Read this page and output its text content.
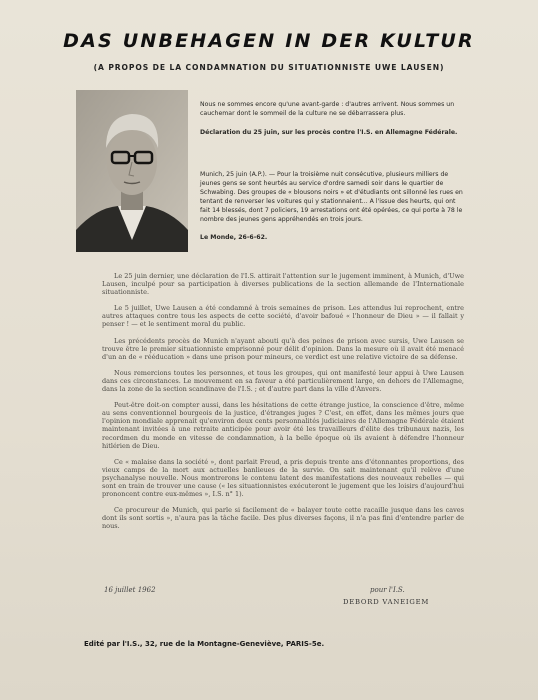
DAS UNBEHAGEN IN DER KULTUR
(A PROPOS DE LA CONDAMNATION DU SITUATIONNISTE UWE LAUSEN)

Nous ne sommes encore qu'une avant-garde : d'autres arrivent. Nous sommes un cauchemar dont le sommeil de la culture ne se débarrassera plus.

Déclaration du 25 juin, sur les procès contre l'I.S. en Allemagne Fédérale.

Munich, 25 juin (A.P.). — Pour la troisième nuit consécutive, plusieurs milliers de jeunes gens se sont heurtés au service d'ordre samedi soir dans le quartier de Schwabing. Des groupes de « blousons noirs » et d'étudiants ont sillonné les rues en tentant de renverser les voitures qui y stationnaient... A l'issue des heurts, qui ont fait 14 blessés, dont 7 policiers, 19 arrestations ont été opérées, ce qui porte à 78 le nombre des jeunes gens appréhendés en trois jours.

Le Monde, 26-6-62.

Le 25 juin dernier, une déclaration de l'I.S. attirait l'attention sur le jugement imminent, à Munich, d'Uwe Lausen, inculpé pour sa participation à diverses publications de la section allemande de l'Internationale situationniste.

Le 5 juillet, Uwe Lausen a été condamné à trois semaines de prison. Les attendus lui reprochent, entre autres attaques contre tous les aspects de cette société, d'avoir bafoué « l'honneur de Dieu » — il fallait y penser ! — et le sentiment moral du public.

Les précédents procès de Munich n'ayant abouti qu'à des peines de prison avec sursis, Uwe Lausen se trouve être le premier situationniste emprisonné pour délit d'opinion. Dans la mesure où il avait été menacé d'un an de « rééducation » dans une prison pour mineurs, ce verdict est une relative victoire de sa défense.

Nous remercions toutes les personnes, et tous les groupes, qui ont manifesté leur appui à Uwe Lausen dans ces circonstances. Le mouvement en sa faveur a été particulièrement large, en dehors de l'Allemagne, dans la zone de la section scandinave de l'I.S. ; et d'autre part dans la ville d'Anvers.

Peut-être doit-on compter aussi, dans les hésitations de cette étrange justice, la conscience d'être, même au sens conventionnel bourgeois de la justice, d'étranges juges ? C'est, en effet, dans les mêmes jours que l'opinion mondiale apprenait qu'environ deux cents personnalités judiciaires de l'Allemagne Fédérale étaient maintenant invitées à une retraite anticipée pour avoir été les travailleurs d'élite des tribunaux nazis, les recordmen du monde en vitesse de condamnation, à la belle époque où ils avaient à défendre l'honneur hitlérien de Dieu.

Ce « malaise dans la société », dont parlait Freud, a pris depuis trente ans d'étonnantes proportions, des vieux camps de la mort aux actuelles banlieues de la survie. On sait maintenant qu'il relève d'une psychanalyse nouvelle. Nous montrerons le contenu latent des manifestations des nouveaux rebelles — qui sont en train de trouver une cause (« les situationnistes exécuteront le jugement que les loisirs d'aujourd'hui prononcent contre eux-mêmes », I.S. n° 1).

Ce procureur de Munich, qui parle si facilement de « balayer toute cette racaille jusque dans les caves dont ils sont sortis », n'aura pas la tâche facile. Des plus diverses façons, il n'a pas fini d'entendre parler de nous.

16 juillet 1962	pour l'I.S.
DEBORD VANEIGEM
Edité par l'I.S., 32, rue de la Montagne-Geneviève, PARIS-5e.
